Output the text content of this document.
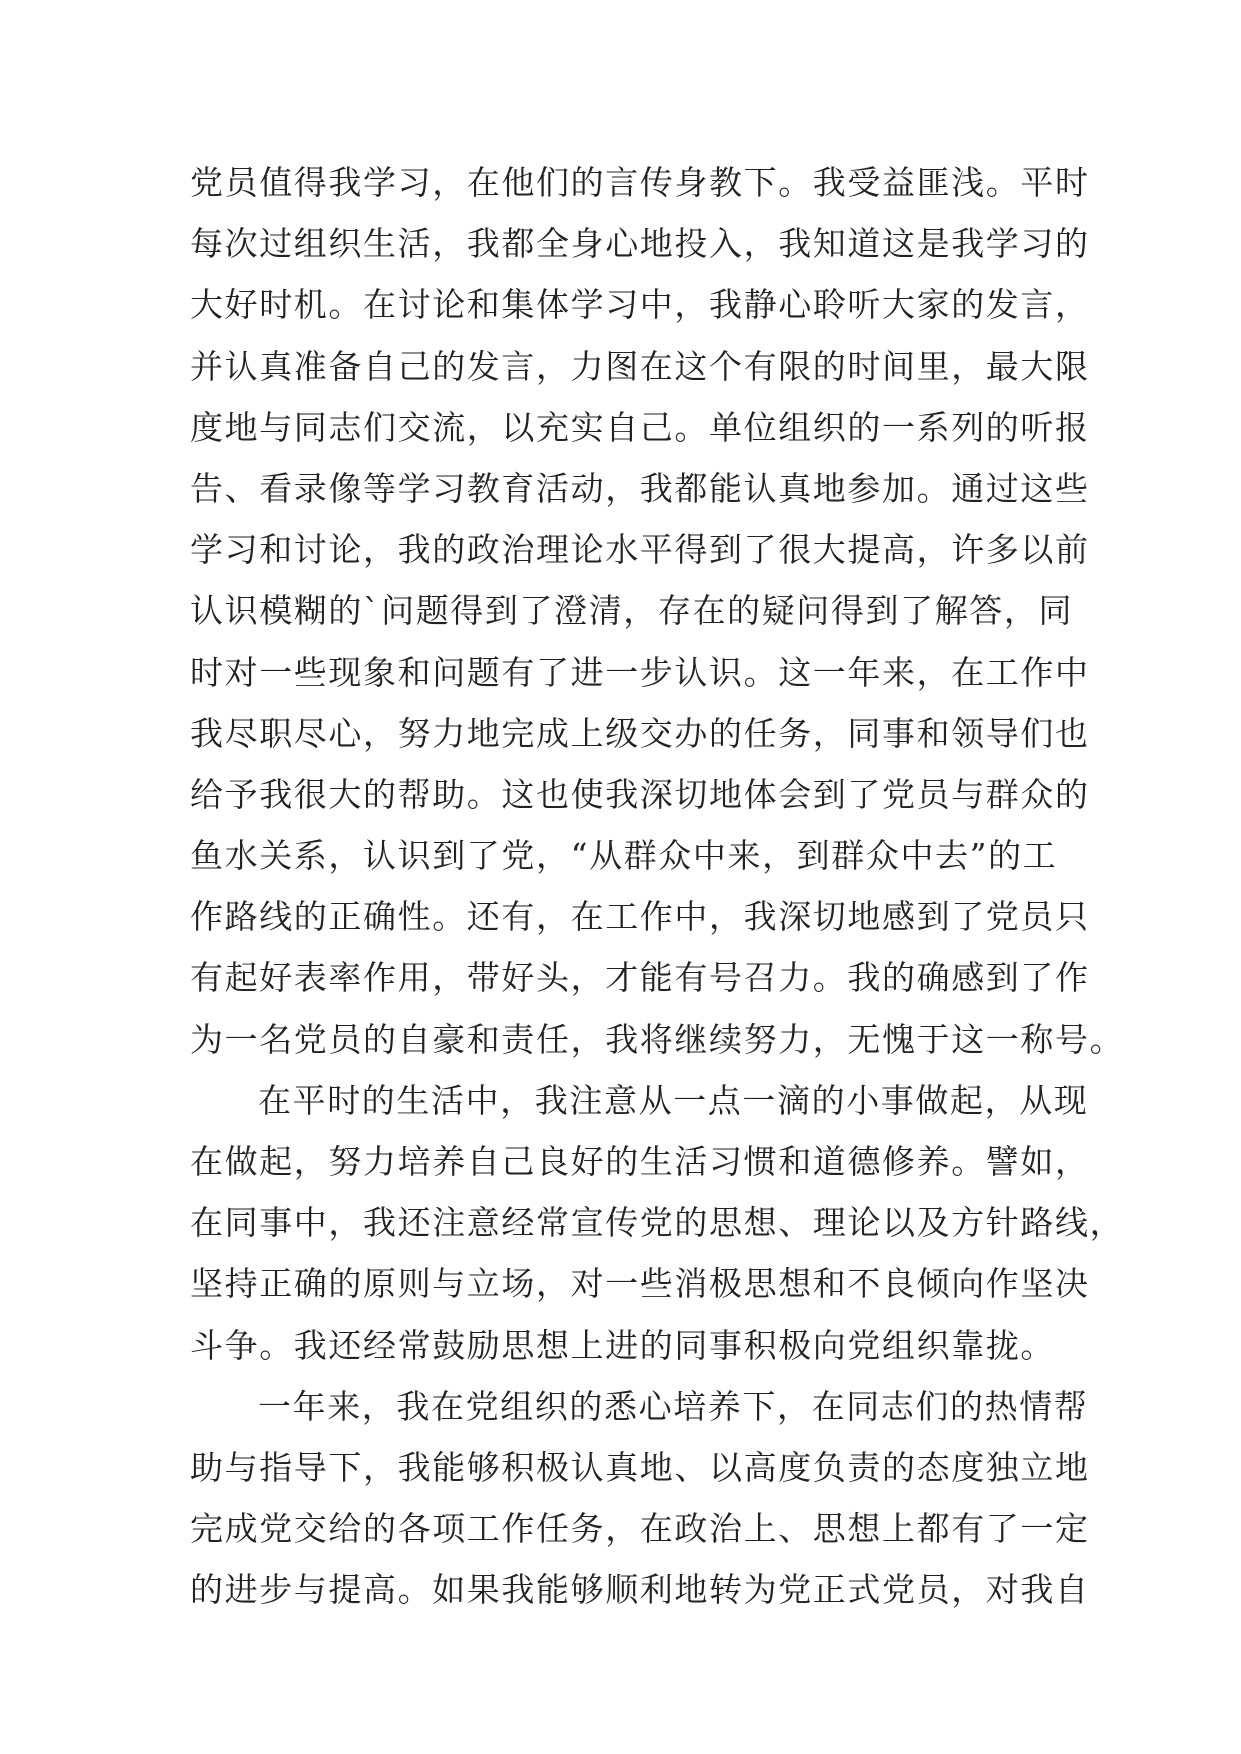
党员值得我学习，在他们的言传身教下。我受益匪浅。平时
每次过组织生活，我都全身心地投入，我知道这是我学习的
大好时机。在讨论和集体学习中，我静心聆听大家的发言，
并认真准备自己的发言，力图在这个有限的时间里，最大限
度地与同志们交流，以充实自己。单位组织的一系列的听报
告、看录像等学习教育活动，我都能认真地参加。通过这些
学习和讨论，我的政治理论水平得到了很大提高，许多以前
认识模糊的`问题得到了澄清，存在的疑问得到了解答，同
时对一些现象和问题有了进一步认识。这一年来，在工作中
我尽职尽心，努力地完成上级交办的任务，同事和领导们也
给予我很大的帮助。这也使我深切地体会到了党员与群众的
鱼水关系，认识到了党，“从群众中来，到群众中去”的工
作路线的正确性。还有，在工作中，我深切地感到了党员只
有起好表率作用，带好头，才能有号召力。我的确感到了作
为一名党员的自豪和责任，我将继续努力，无愧于这一称号。
在平时的生活中，我注意从一点一滴的小事做起，从现
在做起，努力培养自己良好的生活习惯和道德修养。譬如，
在同事中，我还注意经常宣传党的思想、理论以及方针路线，
坚持正确的原则与立场，对一些消极思想和不良倾向作坚决
斗争。我还经常鼓励思想上进的同事积极向党组织靠拢。
一年来，我在党组织的悉心培养下，在同志们的热情帮
助与指导下，我能够积极认真地、以高度负责的态度独立地
完成党交给的各项工作任务，在政治上、思想上都有了一定
的进步与提高。如果我能够顺利地转为党正式党员，对我自
